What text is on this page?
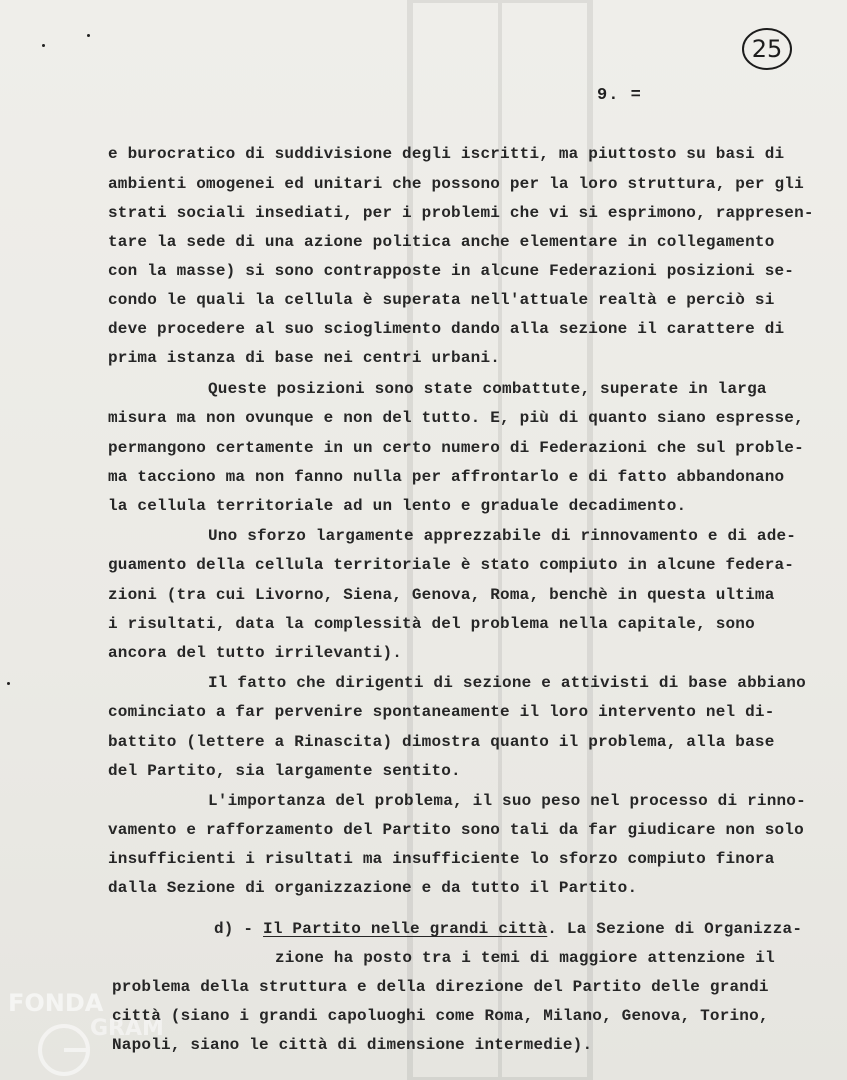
FONDA
GRAM
25
9. =
e burocratico di suddivisione degli iscritti, ma piuttosto su basi di
ambienti omogenei ed unitari che possono per la loro struttura, per gli
strati sociali insediati, per i problemi che vi si esprimono, rappresen-
tare la sede di una azione politica anche elementare in collegamento
con la masse) si sono contrapposte in alcune Federazioni posizioni se-
condo le quali la cellula è superata nell'attuale realtà e perciò si
deve procedere al suo scioglimento dando alla sezione il carattere di
prima istanza di base nei centri urbani.
Queste posizioni sono state combattute, superate in larga
misura ma non ovunque e non del tutto. E, più di quanto siano espresse,
permangono certamente in un certo numero di Federazioni che sul proble-
ma tacciono ma non fanno nulla per affrontarlo e di fatto abbandonano
la cellula territoriale ad un lento e graduale decadimento.
Uno sforzo largamente apprezzabile di rinnovamento e di ade-
guamento della cellula territoriale è stato compiuto in alcune federa-
zioni (tra cui Livorno, Siena, Genova, Roma, benchè in questa ultima
i risultati, data la complessità del problema nella capitale, sono
ancora del tutto irrilevanti).
Il fatto che dirigenti di sezione e attivisti di base abbiano
cominciato a far pervenire spontaneamente il loro intervento nel di-
battito (lettere a Rinascita) dimostra quanto il problema, alla base
del Partito, sia largamente sentito.
L'importanza del problema, il suo peso nel processo di rinno-
vamento e rafforzamento del Partito sono tali da far giudicare non solo
insufficienti i risultati ma insufficiente lo sforzo compiuto finora
dalla Sezione di organizzazione e da tutto il Partito.
d) - Il Partito nelle grandi città. La Sezione di Organizza-
zione ha posto tra i temi di maggiore attenzione il
problema della struttura e della direzione del Partito delle grandi
città (siano i grandi capoluoghi come Roma, Milano, Genova, Torino,
Napoli, siano le città di dimensione intermedie).
